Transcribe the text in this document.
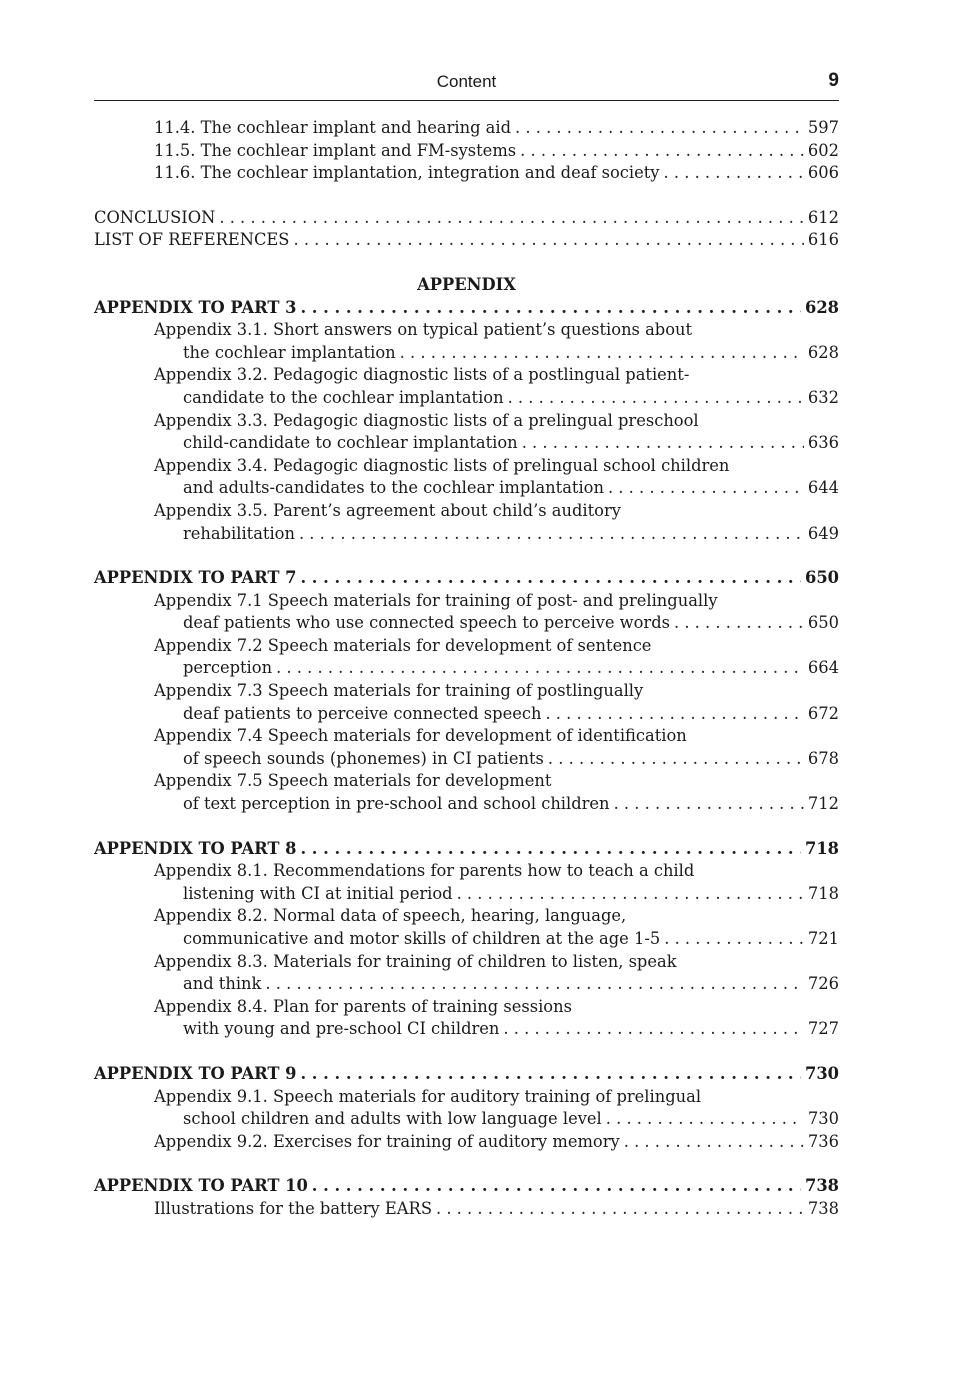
Content	9
11.4. The cochlear implant and hearing aid . . .	597
11.5. The cochlear implant and FM-systems . . .	602
11.6. The cochlear implantation, integration and deaf society . . .	606
CONCLUSION . . .	612
LIST OF REFERENCES . . .	616
APPENDIX
APPENDIX TO PART 3 . . .	628
Appendix 3.1. Short answers on typical patient’s questions about
the cochlear implantation . . .	628
Appendix 3.2. Pedagogic diagnostic lists of a postlingual patient-
candidate to the cochlear implantation . . .	632
Appendix 3.3. Pedagogic diagnostic lists of a prelingual preschool
child-candidate to cochlear implantation . . .	636
Appendix 3.4. Pedagogic diagnostic lists of prelingual school children
and adults-candidates to the cochlear implantation . . .	644
Appendix 3.5. Parent’s agreement about child’s auditory
rehabilitation . . .	649
APPENDIX TO PART 7 . . .	650
Appendix 7.1 Speech materials for training of post- and prelingually
deaf patients who use connected speech to perceive words . . .	650
Appendix 7.2 Speech materials for development of sentence
perception . . .	664
Appendix 7.3 Speech materials for training of postlingually
deaf patients to perceive connected speech . . .	672
Appendix 7.4 Speech materials for development of identification
of speech sounds (phonemes) in CI patients . . .	678
Appendix 7.5 Speech materials for development
of text perception in pre-school and school children . . .	712
APPENDIX TO PART 8 . . .	718
Appendix 8.1. Recommendations for parents how to teach a child
listening with CI at initial period . . .	718
Appendix 8.2. Normal data of speech, hearing, language,
communicative and motor skills of children at the age 1-5 . . .	721
Appendix 8.3. Materials for training of children to listen, speak
and think . . .	726
Appendix 8.4. Plan for parents of training sessions
with young and pre-school CI children . . .	727
APPENDIX TO PART 9 . . .	730
Appendix 9.1. Speech materials for auditory training of prelingual
school children and adults with low language level . . .	730
Appendix 9.2. Exercises for training of auditory memory . . .	736
APPENDIX TO PART 10 . . .	738
Illustrations for the battery EARS . . .	738
